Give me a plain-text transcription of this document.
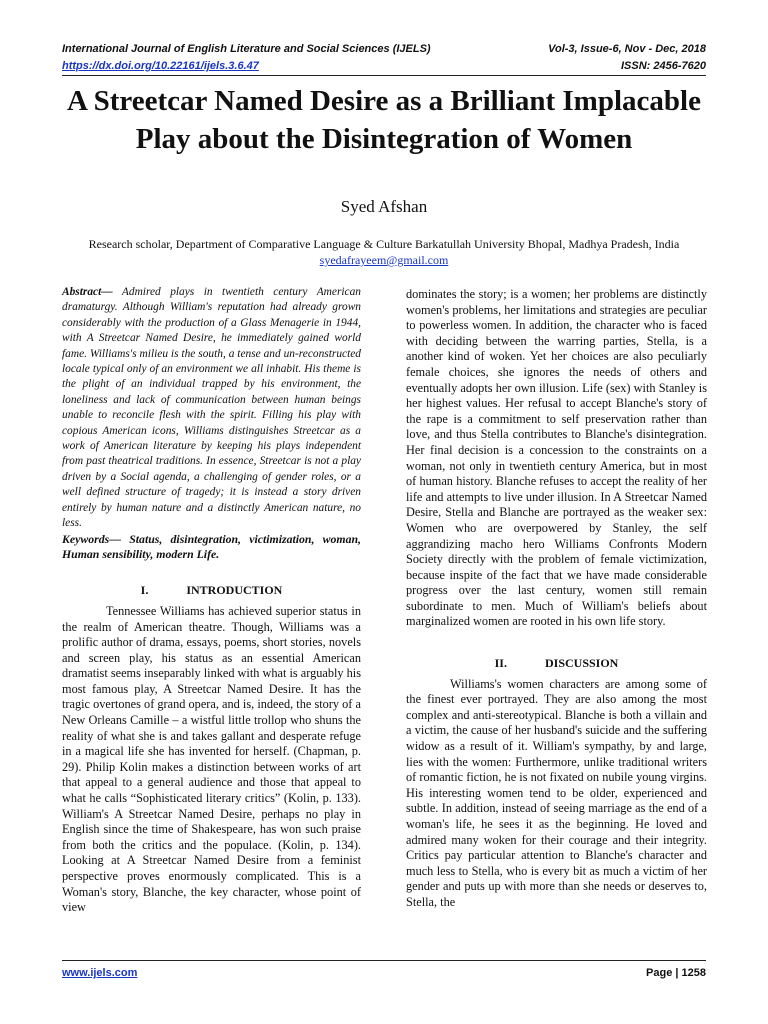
International Journal of English Literature and Social Sciences (IJELS)	Vol-3, Issue-6, Nov - Dec, 2018
https://dx.doi.org/10.22161/ijels.3.6.47	ISSN: 2456-7620
A Streetcar Named Desire as a Brilliant Implacable Play about the Disintegration of Women
Syed Afshan
Research scholar, Department of Comparative Language & Culture Barkatullah University Bhopal, Madhya Pradesh, India
syedafrayeem@gmail.com

Abstract— Admired plays in twentieth century American dramaturgy. Although William's reputation had already grown considerably with the production of a Glass Menagerie in 1944, with A Streetcar Named Desire, he immediately gained world fame. Williams's milieu is the south, a tense and un-reconstructed locale typical only of an environment we all inhabit. His theme is the plight of an individual trapped by his environment, the loneliness and lack of communication between human beings unable to reconcile flesh with the spirit. Filling his play with copious American icons, Williams distinguishes Streetcar as a work of American literature by keeping his plays independent from past theatrical traditions. In essence, Streetcar is not a play driven by a Social agenda, a challenging of gender roles, or a well defined structure of tragedy; it is instead a story driven entirely by human nature and a distinctly American nature, no less.

Keywords— Status, disintegration, victimization, woman, Human sensibility, modern Life.

I.	INTRODUCTION

Tennessee Williams has achieved superior status in the realm of American theatre. Though, Williams was a prolific author of drama, essays, poems, short stories, novels and screen play, his status as an essential American dramatist seems inseparably linked with what is arguably his most famous play, A Streetcar Named Desire. It has the tragic overtones of grand opera, and is, indeed, the story of a New Orleans Camille – a wistful little trollop who shuns the reality of what she is and takes gallant and desperate refuge in a magical life she has invented for herself. (Chapman, p. 29). Philip Kolin makes a distinction between works of art that appeal to a general audience and those that appeal to what he calls “Sophisticated literary critics” (Kolin, p. 133). William's A Streetcar Named Desire, perhaps no play in English since the time of Shakespeare, has won such praise from both the critics and the populace. (Kolin, p. 134). Looking at A Streetcar Named Desire from a feminist perspective proves enormously complicated. This is a Woman's story, Blanche, the key character, whose point of view

dominates the story; is a women; her problems are distinctly women's problems, her limitations and strategies are peculiar to powerless women. In addition, the character who is faced with deciding between the warring parties, Stella, is a another kind of woken. Yet her choices are also peculiarly female choices, she ignores the needs of others and eventually adopts her own illusion. Life (sex) with Stanley is her highest values. Her refusal to accept Blanche's story of the rape is a commitment to self preservation rather than love, and thus Stella contributes to Blanche's disintegration. Her final decision is a concession to the constraints on a woman, not only in twentieth century America, but in most of human history. Blanche refuses to accept the reality of her life and attempts to live under illusion. In A Streetcar Named Desire, Stella and Blanche are portrayed as the weaker sex: Women who are overpowered by Stanley, the self aggrandizing macho hero Williams Confronts Modern Society directly with the problem of female victimization, because inspite of the fact that we have made considerable progress over the last century, women still remain subordinate to men. Much of William's beliefs about marginalized women are rooted in his own life story.

II.	DISCUSSION

Williams's women characters are among some of the finest ever portrayed. They are also among the most complex and anti-stereotypical. Blanche is both a villain and a victim, the cause of her husband's suicide and the suffering widow as a result of it. William's sympathy, by and large, lies with the women: Furthermore, unlike traditional writers of romantic fiction, he is not fixated on nubile young virgins. His interesting women tend to be older, experienced and subtle. In addition, instead of seeing marriage as the end of a woman's life, he sees it as the beginning. He loved and admired many woken for their courage and their integrity. Critics pay particular attention to Blanche's character and much less to Stella, who is every bit as much a victim of her gender and puts up with more than she needs or deserves to, Stella, the

www.ijels.com	Page | 1258
